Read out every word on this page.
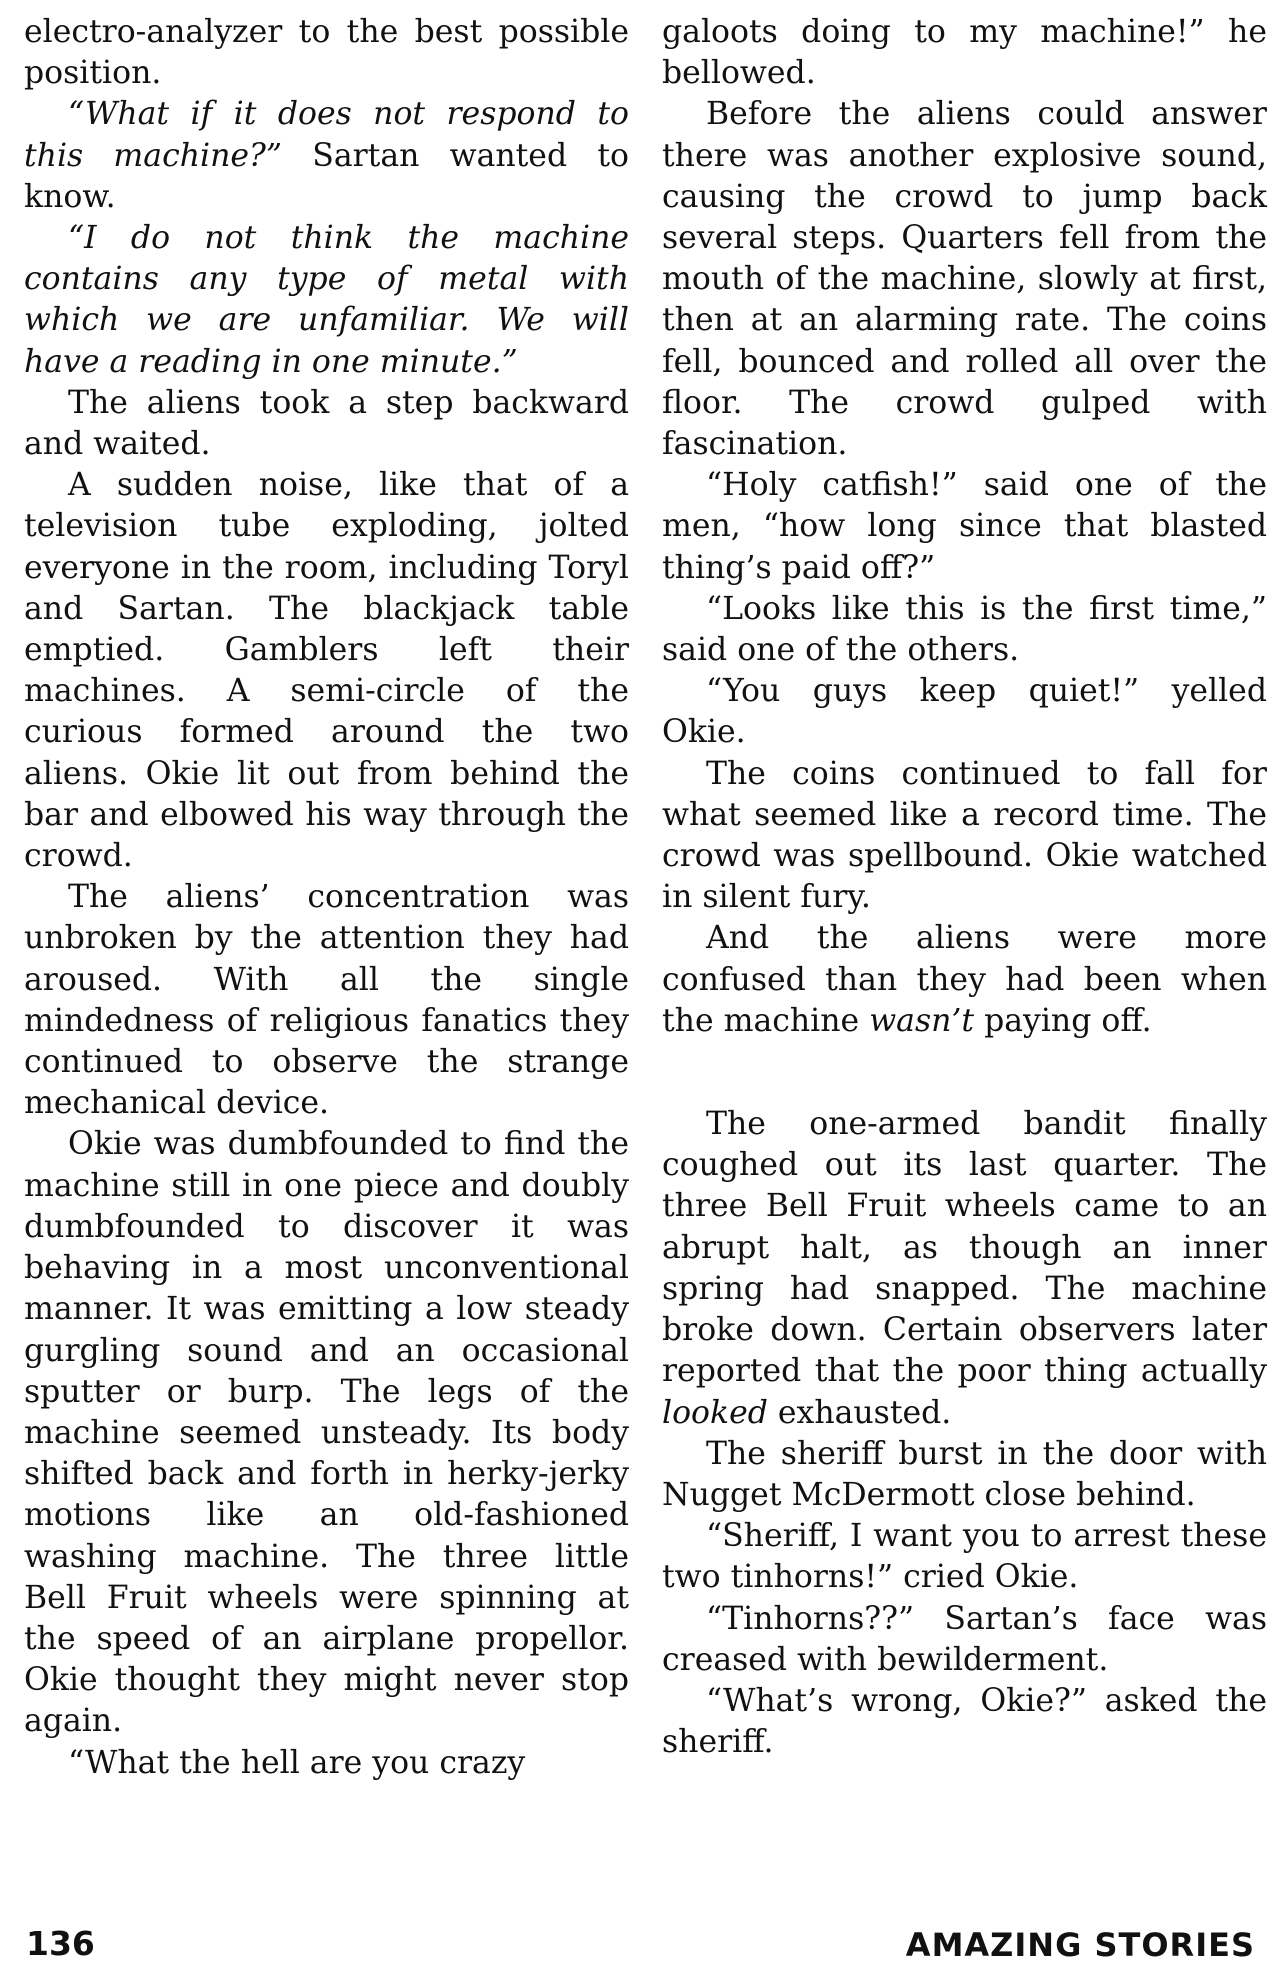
electro-analyzer to the best possible position.

“What if it does not respond to this machine?” Sartan wanted to know.

“I do not think the machine contains any type of metal with which we are unfamiliar. We will have a reading in one minute.”

The aliens took a step backward and waited.

A sudden noise, like that of a television tube exploding, jolted everyone in the room, including Toryl and Sartan. The blackjack table emptied. Gamblers left their machines. A semi-circle of the curious formed around the two aliens. Okie lit out from behind the bar and elbowed his way through the crowd.

The aliens’ concentration was unbroken by the attention they had aroused. With all the single mindedness of religious fanatics they continued to observe the strange mechanical device.

Okie was dumbfounded to find the machine still in one piece and doubly dumbfounded to discover it was behaving in a most unconventional manner. It was emitting a low steady gurgling sound and an occasional sputter or burp. The legs of the machine seemed unsteady. Its body shifted back and forth in herky-jerky motions like an old-fashioned washing machine. The three little Bell Fruit wheels were spinning at the speed of an airplane propellor. Okie thought they might never stop again.

“What the hell are you crazy

galoots doing to my machine!” he bellowed.

Before the aliens could answer there was another explosive sound, causing the crowd to jump back several steps. Quarters fell from the mouth of the machine, slowly at first, then at an alarming rate. The coins fell, bounced and rolled all over the floor. The crowd gulped with fascination.

“Holy catfish!” said one of the men, “how long since that blasted thing’s paid off?”

“Looks like this is the first time,” said one of the others.

“You guys keep quiet!” yelled Okie.

The coins continued to fall for what seemed like a record time. The crowd was spellbound. Okie watched in silent fury.

And the aliens were more confused than they had been when the machine wasn’t paying off.

The one-armed bandit finally coughed out its last quarter. The three Bell Fruit wheels came to an abrupt halt, as though an inner spring had snapped. The machine broke down. Certain observers later reported that the poor thing actually looked exhausted.

The sheriff burst in the door with Nugget McDermott close behind.

“Sheriff, I want you to arrest these two tinhorns!” cried Okie.

“Tinhorns??” Sartan’s face was creased with bewilderment.

“What’s wrong, Okie?” asked the sheriff.

136	AMAZING STORIES
